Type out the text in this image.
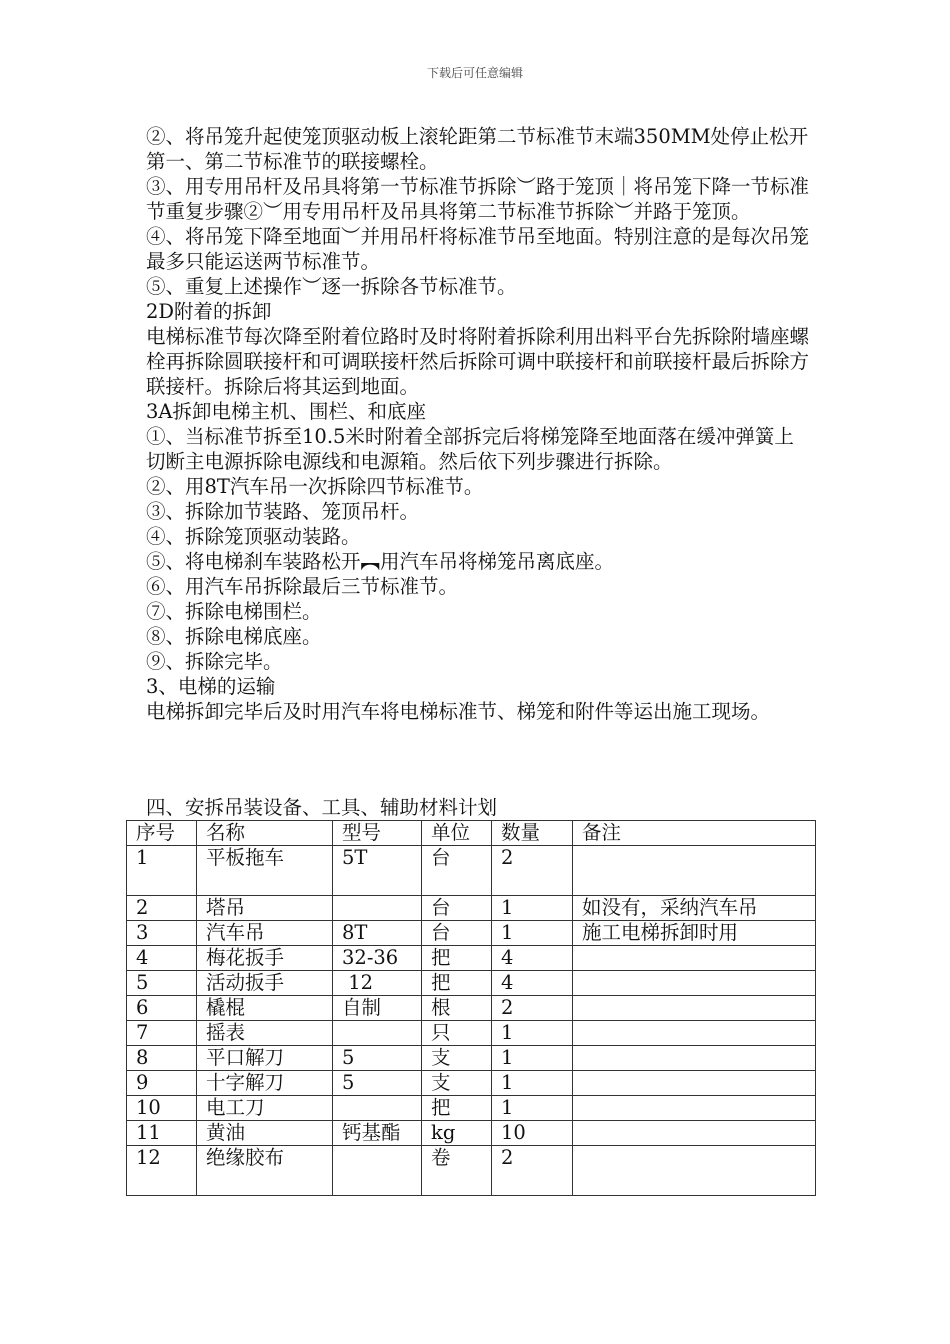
下载后可任意编辑

②、将吊笼升起使笼顶驱动板上滚轮距第二节标准节末端350MM处停止松开第一、第二节标准节的联接螺栓。

③、用专用吊杆及吊具将第一节标准节拆除︶路于笼顶｜将吊笼下降一节标准节重复步骤②︶用专用吊杆及吊具将第二节标准节拆除︶并路于笼顶。

④、将吊笼下降至地面︶并用吊杆将标准节吊至地面。特别注意的是每次吊笼最多只能运送两节标准节。

⑤、重复上述操作︶逐一拆除各节标准节。

2D附着的拆卸

电梯标准节每次降至附着位路时及时将附着拆除利用出料平台先拆除附墙座螺栓再拆除圆联接杆和可调联接杆然后拆除可调中联接杆和前联接杆最后拆除方联接杆。拆除后将其运到地面。

3A拆卸电梯主机、围栏、和底座

①、当标准节拆至10.5米时附着全部拆完后将梯笼降至地面落在缓冲弹簧上切断主电源拆除电源线和电源箱。然后依下列步骤进行拆除。

②、用8T汽车吊一次拆除四节标准节。

③、拆除加节装路、笼顶吊杆。

④、拆除笼顶驱动装路。

⑤、将电梯刹车装路松开︻用汽车吊将梯笼吊离底座。

⑥、用汽车吊拆除最后三节标准节。

⑦、拆除电梯围栏。

⑧、拆除电梯底座。

⑨、拆除完毕。

3、电梯的运输

电梯拆卸完毕后及时用汽车将电梯标准节、梯笼和附件等运出施工现场。

四、安拆吊装设备、工具、辅助材料计划
序号	名称	型号	单位	数量	备注
1	平板拖车	5T	台	2	
2	塔吊		台	1	如没有，采纳汽车吊
3	汽车吊	8T	台	1	施工电梯拆卸时用
4	梅花扳手	32-36	把	4	
5	活动扳手	12	把	4	
6	橇棍	自制	根	2	
7	摇表		只	1	
8	平口解刀	5	支	1	
9	十字解刀	5	支	1	
10	电工刀		把	1	
11	黄油	钙基酯	kg	10	
12	绝缘胶布		卷	2	
